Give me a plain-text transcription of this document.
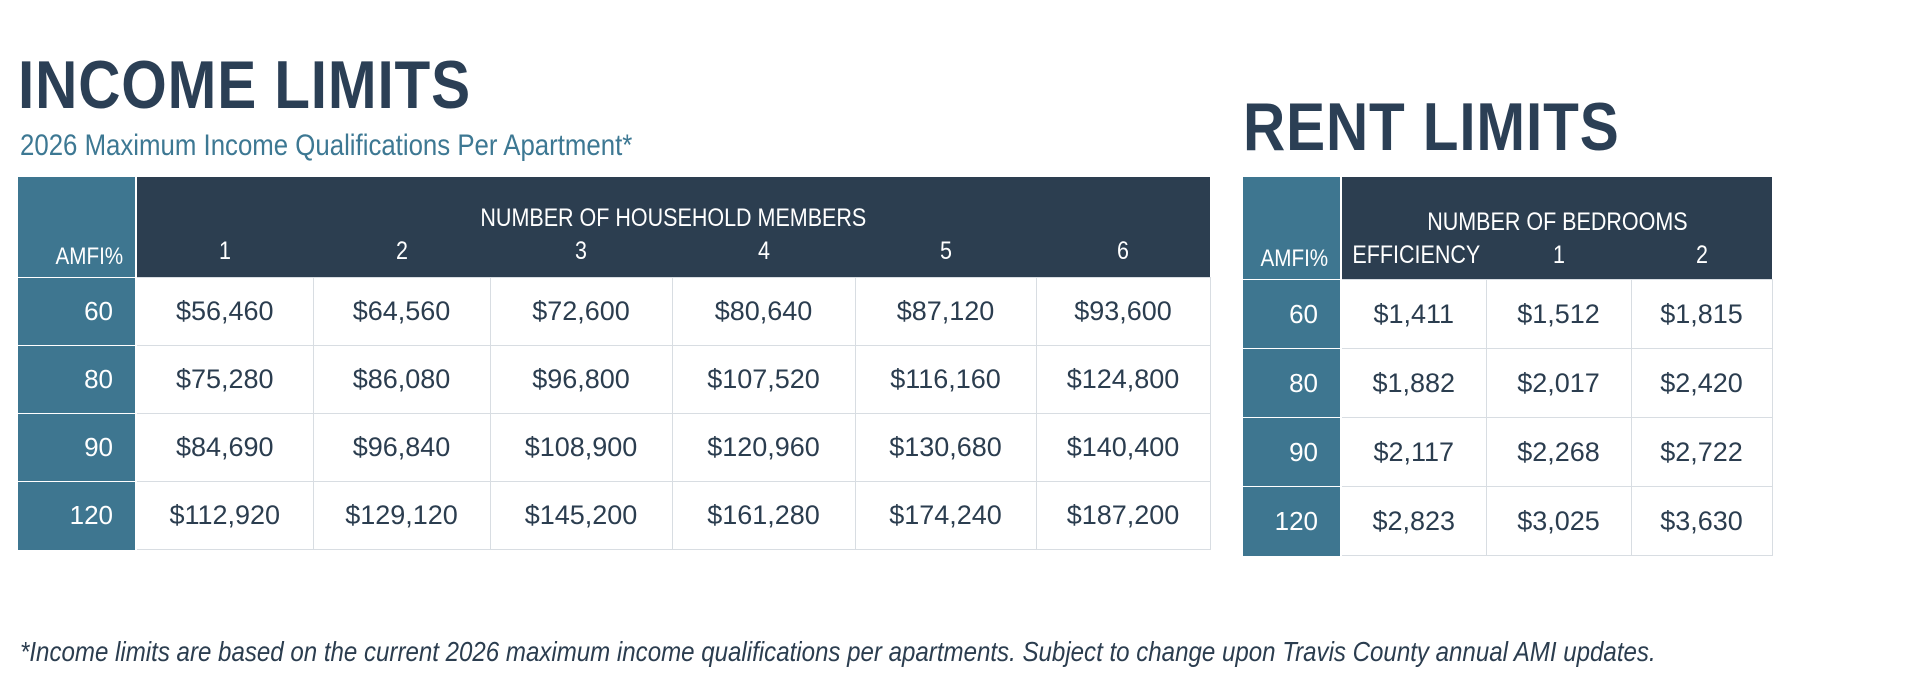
INCOME LIMITS

2026 Maximum Income Qualifications Per Apartment*

AMFI%	NUMBER OF HOUSEHOLD MEMBERS					
	1	2	3	4	5	6
60	$56,460	$64,560	$72,600	$80,640	$87,120	$93,600
80	$75,280	$86,080	$96,800	$107,520	$116,160	$124,800
90	$84,690	$96,840	$108,900	$120,960	$130,680	$140,400
120	$112,920	$129,120	$145,200	$161,280	$174,240	$187,200
RENT LIMITS
AMFI%	NUMBER OF BEDROOMS		
	EFFICIENCY	1	2
60	$1,411	$1,512	$1,815
80	$1,882	$2,017	$2,420
90	$2,117	$2,268	$2,722
120	$2,823	$3,025	$3,630

*Income limits are based on the current 2026 maximum income qualifications per apartments. Subject to change upon Travis County annual AMI updates.
